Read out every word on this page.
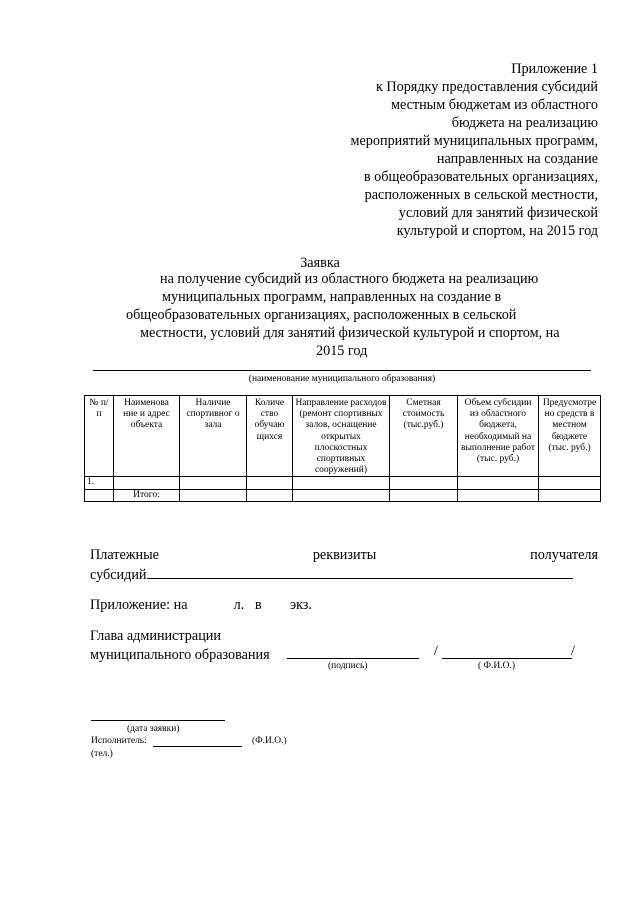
Приложение 1
к Порядку предоставления субсидий
местным бюджетам из областного
бюджета на реализацию
мероприятий муниципальных программ,
направленных на создание
в общеобразовательных организациях,
расположенных в сельской местности,
условий для занятий физической
культурой и спортом, на 2015 год
Заявка
на получение субсидий из областного бюджета на реализацию
муниципальных программ, направленных на создание в
общеобразовательных организациях, расположенных в сельской
местности, условий для занятий физической культурой и спортом, на
2015 год
(наименование муниципального образования)
№ п/п	Наименова ние и адрес объекта	Наличие спортивног о зала	Количе ство обучаю щихся	Направление расходов (ремонт спортивных залов, оснащение открытых плоскостных спортивных сооружений)	Сметная стоимость (тыс.руб.)	Объем субсидии из областного бюджета, необходимый на выполнение работ (тыс. руб.)	Предусмотре но средств в местном бюджете (тыс. руб.)
1.							
	Итого:						
Платежные	реквизиты	получателя
субсидий
Приложение: на             л.   в        экз.
Глава администрации
муниципального образования	/	/
(подпись)	( Ф.И.О.)
(дата заявки)
Исполнитель:	(Ф.И.О.)
(тел.)
